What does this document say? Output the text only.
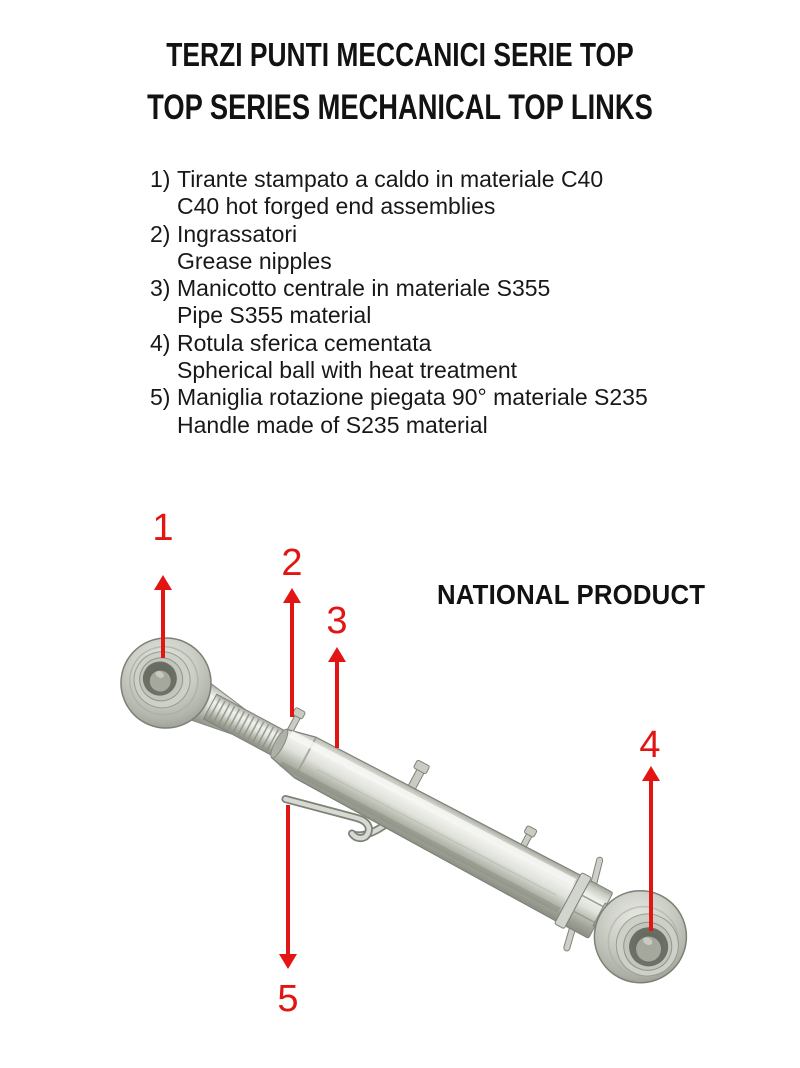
TERZI PUNTI MECCANICI SERIE TOP
TOP SERIES MECHANICAL TOP LINKS
1) Tirante stampato a caldo in materiale C40
C40 hot forged end assemblies
2) Ingrassatori
Grease nipples
3) Manicotto centrale in materiale S355
Pipe S355 material
4) Rotula sferica cementata
Spherical ball with heat treatment
5) Maniglia rotazione piegata 90° materiale S235
Handle made of S235 material
NATIONAL PRODUCT
1
2
3
4
5
